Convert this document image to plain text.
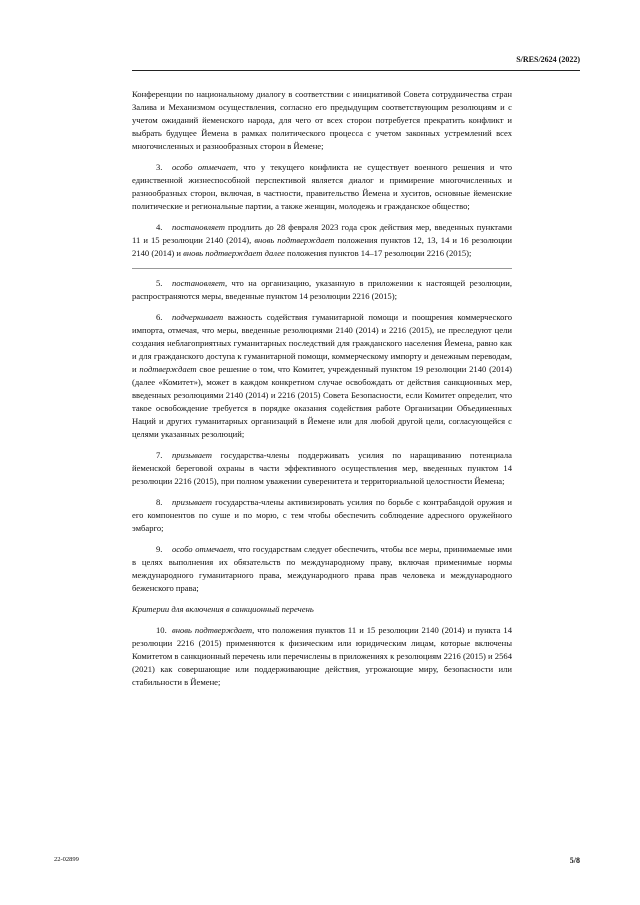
S/RES/2624 (2022)

Конференции по национальному диалогу в соответствии с инициативой Совета сотрудничества стран Залива и Механизмом осуществления, согласно его предыдущим соответствующим резолюциям и с учетом ожиданий йеменского народа, для чего от всех сторон потребуется прекратить конфликт и выбрать будущее Йемена в рамках политического процесса с учетом законных устремлений всех многочисленных и разнообразных сторон в Йемене;

3. особо отмечает, что у текущего конфликта не существует военного решения и что единственной жизнеспособной перспективой является диалог и примирение многочисленных и разнообразных сторон, включая, в частности, правительство Йемена и хуситов, основные йеменские политические и региональные партии, а также женщин, молодежь и гражданское общество;

4. постановляет продлить до 28 февраля 2023 года срок действия мер, введенных пунктами 11 и 15 резолюции 2140 (2014), вновь подтверждает положения пунктов 12, 13, 14 и 16 резолюции 2140 (2014) и вновь подтверждает далее положения пунктов 14–17 резолюции 2216 (2015);

5. постановляет, что на организацию, указанную в приложении к настоящей резолюции, распространяются меры, введенные пунктом 14 резолюции 2216 (2015);

6. подчеркивает важность содействия гуманитарной помощи и поощрения коммерческого импорта, отмечая, что меры, введенные резолюциями 2140 (2014) и 2216 (2015), не преследуют цели создания неблагоприятных гуманитарных последствий для гражданского населения Йемена, равно как и для гражданского доступа к гуманитарной помощи, коммерческому импорту и денежным переводам, и подтверждает свое решение о том, что Комитет, учрежденный пунктом 19 резолюции 2140 (2014) (далее «Комитет»), может в каждом конкретном случае освобождать от действия санкционных мер, введенных резолюциями 2140 (2014) и 2216 (2015) Совета Безопасности, если Комитет определит, что такое освобождение требуется в порядке оказания содействия работе Организации Объединенных Наций и других гуманитарных организаций в Йемене или для любой другой цели, согласующейся с целями указанных резолюций;

7. призывает государства-члены поддерживать усилия по наращиванию потенциала йеменской береговой охраны в части эффективного осуществления мер, введенных пунктом 14 резолюции 2216 (2015), при полном уважении суверенитета и территориальной целостности Йемена;

8. призывает государства-члены активизировать усилия по борьбе с контрабандой оружия и его компонентов по суше и по морю, с тем чтобы обеспечить соблюдение адресного оружейного эмбарго;

9. особо отмечает, что государствам следует обеспечить, чтобы все меры, принимаемые ими в целях выполнения их обязательств по международному праву, включая применимые нормы международного гуманитарного права, международного права прав человека и международного беженского права;

Критерии для включения в санкционный перечень

10. вновь подтверждает, что положения пунктов 11 и 15 резолюции 2140 (2014) и пункта 14 резолюции 2216 (2015) применяются к физическим или юридическим лицам, которые включены Комитетом в санкционный перечень или перечислены в приложениях к резолюциям 2216 (2015) и 2564 (2021) как совершающие или поддерживающие действия, угрожающие миру, безопасности или стабильности в Йемене;

22-02899	5/8
